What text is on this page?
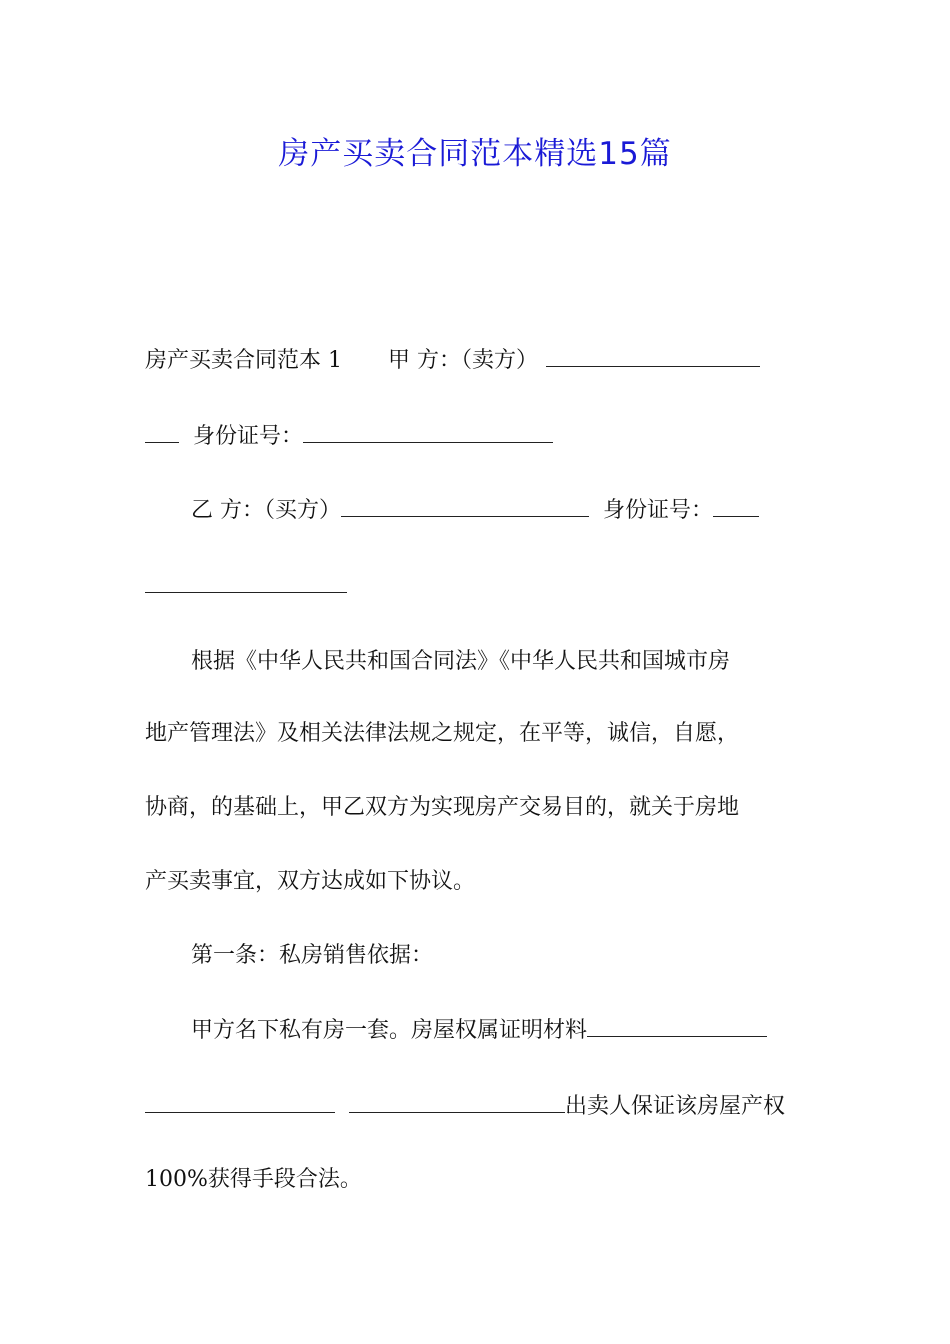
房产买卖合同范本精选15篇
房产买卖合同范本 1 甲 方：（卖方）
身份证号：
乙 方：（买方）	身份证号：
根据《中华人民共和国合同法》《中华人民共和国城市房
地产管理法》及相关法律法规之规定，在平等，诚信，自愿，
协商，的基础上，甲乙双方为实现房产交易目的，就关于房地
产买卖事宜，双方达成如下协议。
第一条：私房销售依据：
甲方名下私有房一套。房屋权属证明材料
出卖人保证该房屋产权
100%获得手段合法。
